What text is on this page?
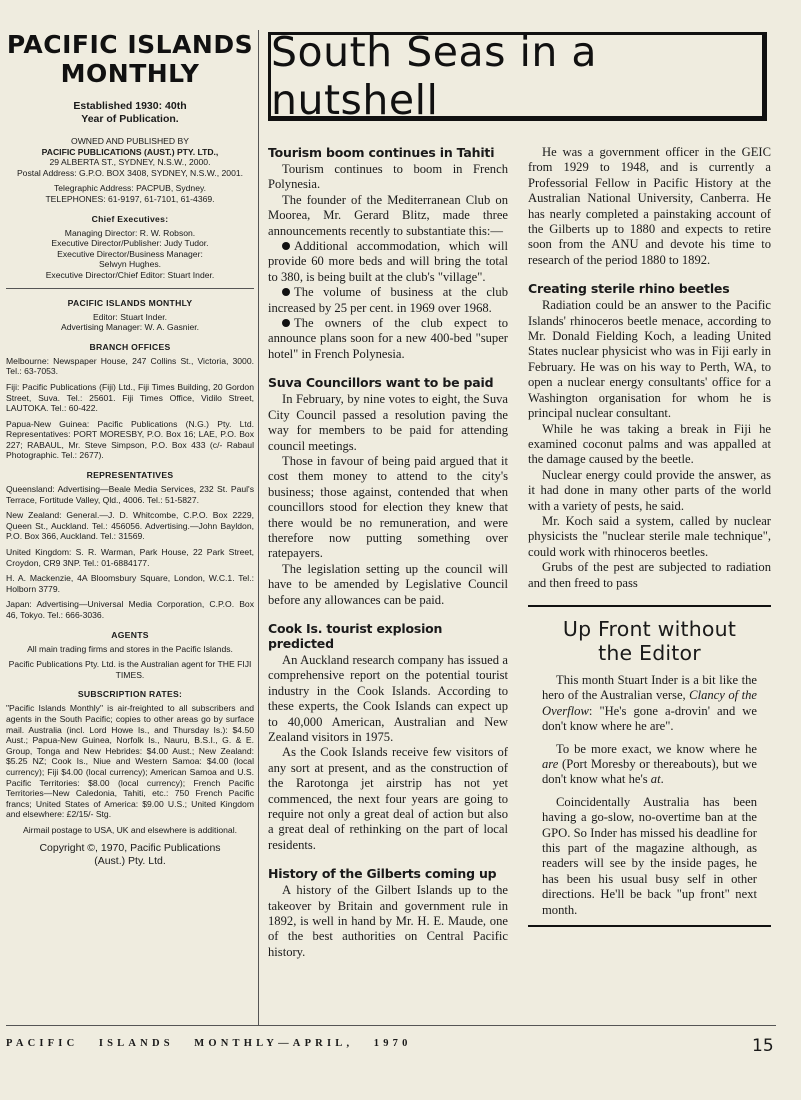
PACIFIC ISLANDS
MONTHLY
Established 1930: 40th
Year of Publication.

OWNED AND PUBLISHED BY

PACIFIC PUBLICATIONS (AUST.) PTY. LTD.,

29 ALBERTA ST., SYDNEY, N.S.W., 2000.

Postal Address: G.P.O. BOX 3408, SYDNEY, N.S.W., 2001.

Telegraphic Address: PACPUB, Sydney.

TELEPHONES: 61-9197, 61-7101, 61-4369.

Chief Executives:

Managing Director: R. W. Robson.

Executive Director/Publisher: Judy Tudor.

Executive Director/Business Manager:

Selwyn Hughes.

Executive Director/Chief Editor: Stuart Inder.

PACIFIC ISLANDS MONTHLY

Editor: Stuart Inder.

Advertising Manager: W. A. Gasnier.

BRANCH OFFICES

Melbourne: Newspaper House, 247 Collins St., Victoria, 3000. Tel.: 63-7053.

Fiji: Pacific Publications (Fiji) Ltd., Fiji Times Building, 20 Gordon Street, Suva. Tel.: 25601. Fiji Times Office, Vidilo Street, LAUTOKA. Tel.: 60-422.

Papua-New Guinea: Pacific Publications (N.G.) Pty. Ltd. Representatives: PORT MORESBY, P.O. Box 16; LAE, P.O. Box 227; RABAUL, Mr. Steve Simpson, P.O. Box 433 (c/- Rabaul Photographic. Tel.: 2677).

REPRESENTATIVES

Queensland: Advertising—Beale Media Services, 232 St. Paul's Terrace, Fortitude Valley, Qld., 4006. Tel.: 51-5827.

New Zealand: General.—J. D. Whitcombe, C.P.O. Box 2229, Queen St., Auckland. Tel.: 456056. Advertising.—John Bayldon, P.O. Box 366, Auckland. Tel.: 31569.

United Kingdom: S. R. Warman, Park House, 22 Park Street, Croydon, CR9 3NP. Tel.: 01-6884177.

H. A. Mackenzie, 4A Bloomsbury Square, London, W.C.1. Tel.: Holborn 3779.

Japan: Advertising—Universal Media Corporation, C.P.O. Box 46, Tokyo. Tel.: 666-3036.

AGENTS

All main trading firms and stores in the Pacific Islands.

Pacific Publications Pty. Ltd. is the Australian agent for THE FIJI TIMES.

SUBSCRIPTION RATES:

"Pacific Islands Monthly" is air-freighted to all subscribers and agents in the South Pacific; copies to other areas go by surface mail. Australia (incl. Lord Howe Is., and Thursday Is.): $4.50 Aust.; Papua-New Guinea, Norfolk Is., Nauru, B.S.I., G. & E. Group, Tonga and New Hebrides: $4.00 Aust.; New Zealand: $5.25 NZ; Cook Is., Niue and Western Samoa: $4.00 (local currency); Fiji $4.00 (local currency); American Samoa and U.S. Pacific Territories: $8.00 (local currency); French Pacific Territories—New Caledonia, Tahiti, etc.: 750 French Pacific francs; United States of America: $9.00 U.S.; United Kingdom and elsewhere: £2/15/- Stg.

Airmail postage to USA, UK and elsewhere is additional.

Copyright ©, 1970, Pacific Publications
(Aust.) Pty. Ltd.
South Seas in a nutshell
Tourism boom continues in Tahiti

Tourism continues to boom in French Polynesia.

The founder of the Mediterranean Club on Moorea, Mr. Gerard Blitz, made three announcements recently to substantiate this:—

Additional accommodation, which will provide 60 more beds and will bring the total to 380, is being built at the club's "village".

The volume of business at the club increased by 25 per cent. in 1969 over 1968.

The owners of the club expect to announce plans soon for a new 400-bed "super hotel" in French Polynesia.

Suva Councillors want to be paid

In February, by nine votes to eight, the Suva City Council passed a resolution paving the way for members to be paid for attending council meetings.

Those in favour of being paid argued that it cost them money to attend to the city's business; those against, contended that when councillors stood for election they knew that there would be no remuneration, and were therefore now putting something over ratepayers.

The legislation setting up the council will have to be amended by Legislative Council before any allowances can be paid.

Cook Is. tourist explosion predicted

An Auckland research company has issued a comprehensive report on the potential tourist industry in the Cook Islands. According to these experts, the Cook Islands can expect up to 40,000 American, Australian and New Zealand visitors in 1975.

As the Cook Islands receive few visitors of any sort at present, and as the construction of the Rarotonga jet airstrip has not yet commenced, the next four years are going to require not only a great deal of action but also a great deal of rethinking on the part of local residents.

History of the Gilberts coming up

A history of the Gilbert Islands up to the takeover by Britain and government rule in 1892, is well in hand by Mr. H. E. Maude, one of the best authorities on Central Pacific history.

He was a government officer in the GEIC from 1929 to 1948, and is currently a Professorial Fellow in Pacific History at the Australian National University, Canberra. He has nearly completed a painstaking account of the Gilberts up to 1880 and expects to retire soon from the ANU and devote his time to research of the period 1880 to 1892.

Creating sterile rhino beetles

Radiation could be an answer to the Pacific Islands' rhinoceros beetle menace, according to Mr. Donald Fielding Koch, a leading United States nuclear physicist who was in Fiji early in February. He was on his way to Perth, WA, to open a nuclear energy consultants' office for a Washington organisation for whom he is principal nuclear consultant.

While he was taking a break in Fiji he examined coconut palms and was appalled at the damage caused by the beetle.

Nuclear energy could provide the answer, as it had done in many other parts of the world with a variety of pests, he said.

Mr. Koch said a system, called by nuclear physicists the "nuclear sterile male technique", could work with rhinoceros beetles.

Grubs of the pest are subjected to radiation and then freed to pass

Up Front without
the Editor

This month Stuart Inder is a bit like the hero of the Australian verse, Clancy of the Overflow: "He's gone a-drovin' and we don't know where he are".

To be more exact, we know where he are (Port Moresby or thereabouts), but we don't know what he's at.

Coincidentally Australia has been having a go-slow, no-overtime ban at the GPO. So Inder has missed his deadline for this part of the magazine although, as readers will see by the inside pages, he has been his usual busy self in other directions. He'll be back "up front" next month.

PACIFIC   ISLANDS   MONTHLY—APRIL,   1970	15
